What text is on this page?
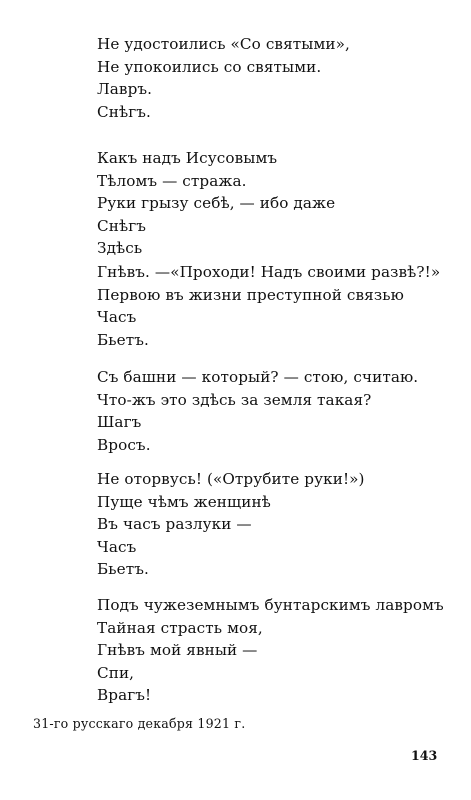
Не удостоились «Со святыми»,
Не упокоились со святыми.
Лавръ.
Снѣгъ.
Какъ надъ Исусовымъ
Тѣломъ — стража.
Руки грызу себѣ, — ибо даже
Снѣгъ
Здѣсь
Гнѣвъ. —«Проходи! Надъ своими развѣ?!»
Первою въ жизни преступной связью
Часъ
Бьетъ.
Съ башни — который? — стою, считаю.
Что-жъ это здѣсь за земля такая?
Шагъ
Вросъ.
Не оторвусь! («Отрубите руки!»)
Пуще чѣмъ женщинѣ
Въ часъ разлуки —
Часъ
Бьетъ.
Подъ чужеземнымъ бунтарскимъ лавромъ
Тайная страсть моя,
Гнѣвъ мой явный —
Спи,
Врагъ!
31-го русскаго декабря 1921 г.
143
